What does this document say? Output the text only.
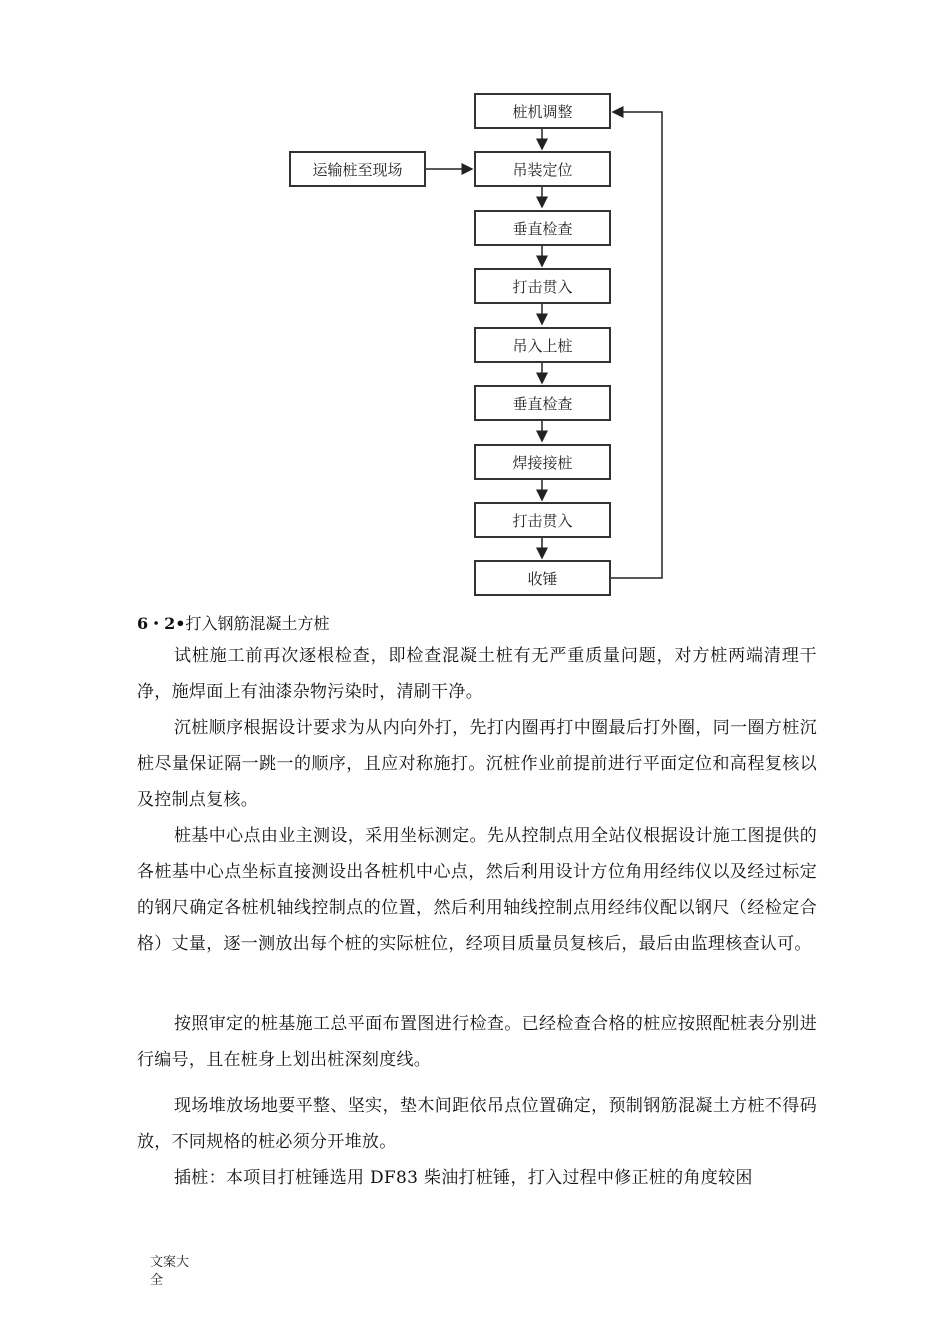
桩机调整
吊装定位
垂直检查
打击贯入
吊入上桩
垂直检查
焊接接桩
打击贯入
收锤
运输桩至现场
6・2•打入钢筋混凝土方桩

试桩施工前再次逐根检查，即检查混凝土桩有无严重质量问题，对方桩两端清理干净，施焊面上有油漆杂物污染时，清刷干净。

沉桩顺序根据设计要求为从内向外打，先打内圈再打中圈最后打外圈，同一圈方桩沉桩尽量保证隔一跳一的顺序，且应对称施打。沉桩作业前提前进行平面定位和高程复核以及控制点复核。

桩基中心点由业主测设，采用坐标测定。先从控制点用全站仪根据设计施工图提供的各桩基中心点坐标直接测设出各桩机中心点，然后利用设计方位角用经纬仪以及经过标定的钢尺确定各桩机轴线控制点的位置，然后利用轴线控制点用经纬仪配以钢尺（经检定合格）丈量，逐一测放出每个桩的实际桩位，经项目质量员复核后，最后由监理核查认可。

按照审定的桩基施工总平面布置图进行检查。已经检查合格的桩应按照配桩表分别进行编号，且在桩身上划出桩深刻度线。

现场堆放场地要平整、坚实，垫木间距依吊点位置确定，预制钢筋混凝土方桩不得码放，不同规格的桩必须分开堆放。

插桩：本项目打桩锤选用 DF83 柴油打桩锤，打入过程中修正桩的角度较困

文案大全
